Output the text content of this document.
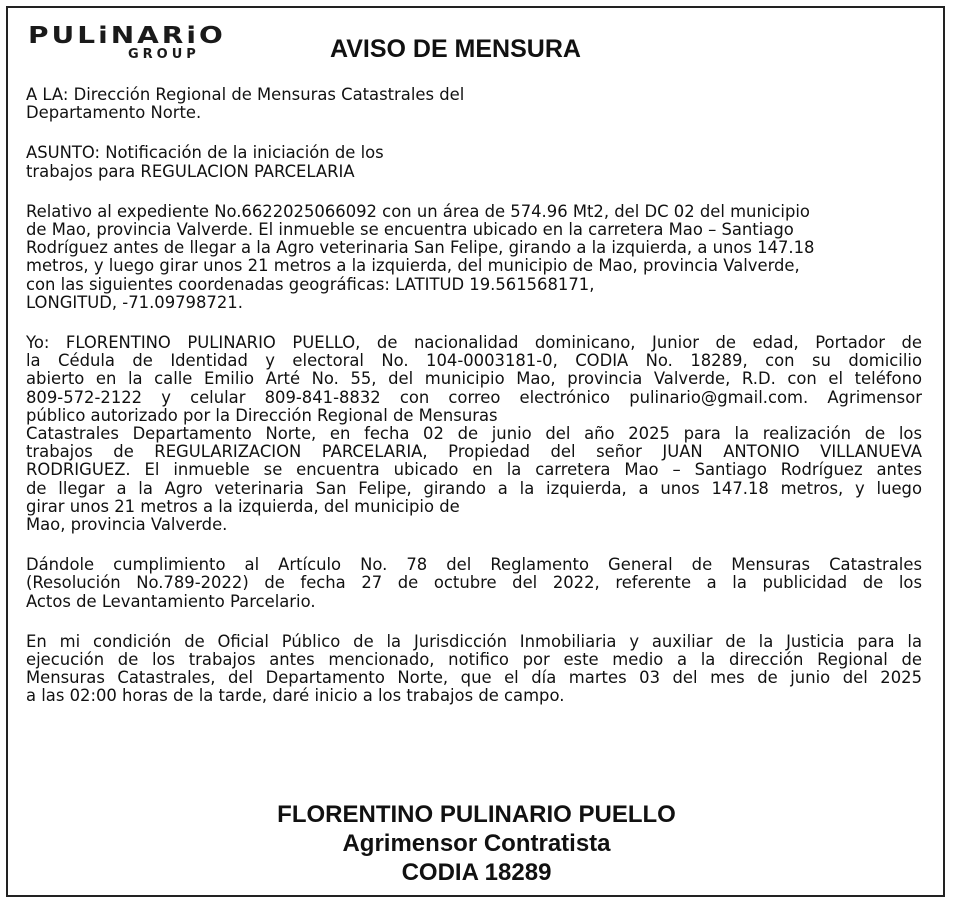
PULiNARiO
GROUP	AVISO DE MENSURA
A LA: Dirección Regional de Mensuras Catastrales del
Departamento Norte.
ASUNTO: Notificación de la iniciación de los
trabajos para REGULACION PARCELARIA
Relativo al expediente No.6622025066092 con un área de 574.96 Mt2, del DC 02 del municipio
de Mao, provincia Valverde. El inmueble se encuentra ubicado en la carretera Mao – Santiago
Rodríguez antes de llegar a la Agro veterinaria San Felipe, girando a la izquierda, a unos 147.18
metros, y luego girar unos 21 metros a la izquierda, del municipio de Mao, provincia Valverde,
con las siguientes coordenadas geográficas: LATITUD 19.561568171,
LONGITUD, -71.09798721.
Yo: FLORENTINO PULINARIO PUELLO, de nacionalidad dominicano, Junior de edad, Portador de
la Cédula de Identidad y electoral No. 104-0003181-0, CODIA No. 18289, con su domicilio
abierto en la calle Emilio Arté No. 55, del municipio Mao, provincia Valverde, R.D. con el teléfono
809-572-2122 y celular 809-841-8832 con correo electrónico pulinario@gmail.com. Agrimensor
público autorizado por la Dirección Regional de Mensuras
Catastrales Departamento Norte, en fecha 02 de junio del año 2025 para la realización de los
trabajos de REGULARIZACION PARCELARIA, Propiedad del señor JUAN ANTONIO VILLANUEVA
RODRIGUEZ. El inmueble se encuentra ubicado en la carretera Mao – Santiago Rodríguez antes
de llegar a la Agro veterinaria San Felipe, girando a la izquierda, a unos 147.18 metros, y luego
girar unos 21 metros a la izquierda, del municipio de
Mao, provincia Valverde.
Dándole cumplimiento al Artículo No. 78 del Reglamento General de Mensuras Catastrales
(Resolución No.789-2022) de fecha 27 de octubre del 2022, referente a la publicidad de los
Actos de Levantamiento Parcelario.
En mi condición de Oficial Público de la Jurisdicción Inmobiliaria y auxiliar de la Justicia para la
ejecución de los trabajos antes mencionado, notifico por este medio a la dirección Regional de
Mensuras Catastrales, del Departamento Norte, que el día martes 03 del mes de junio del 2025
a las 02:00 horas de la tarde, daré inicio a los trabajos de campo.
FLORENTINO PULINARIO PUELLO
Agrimensor Contratista
CODIA 18289
